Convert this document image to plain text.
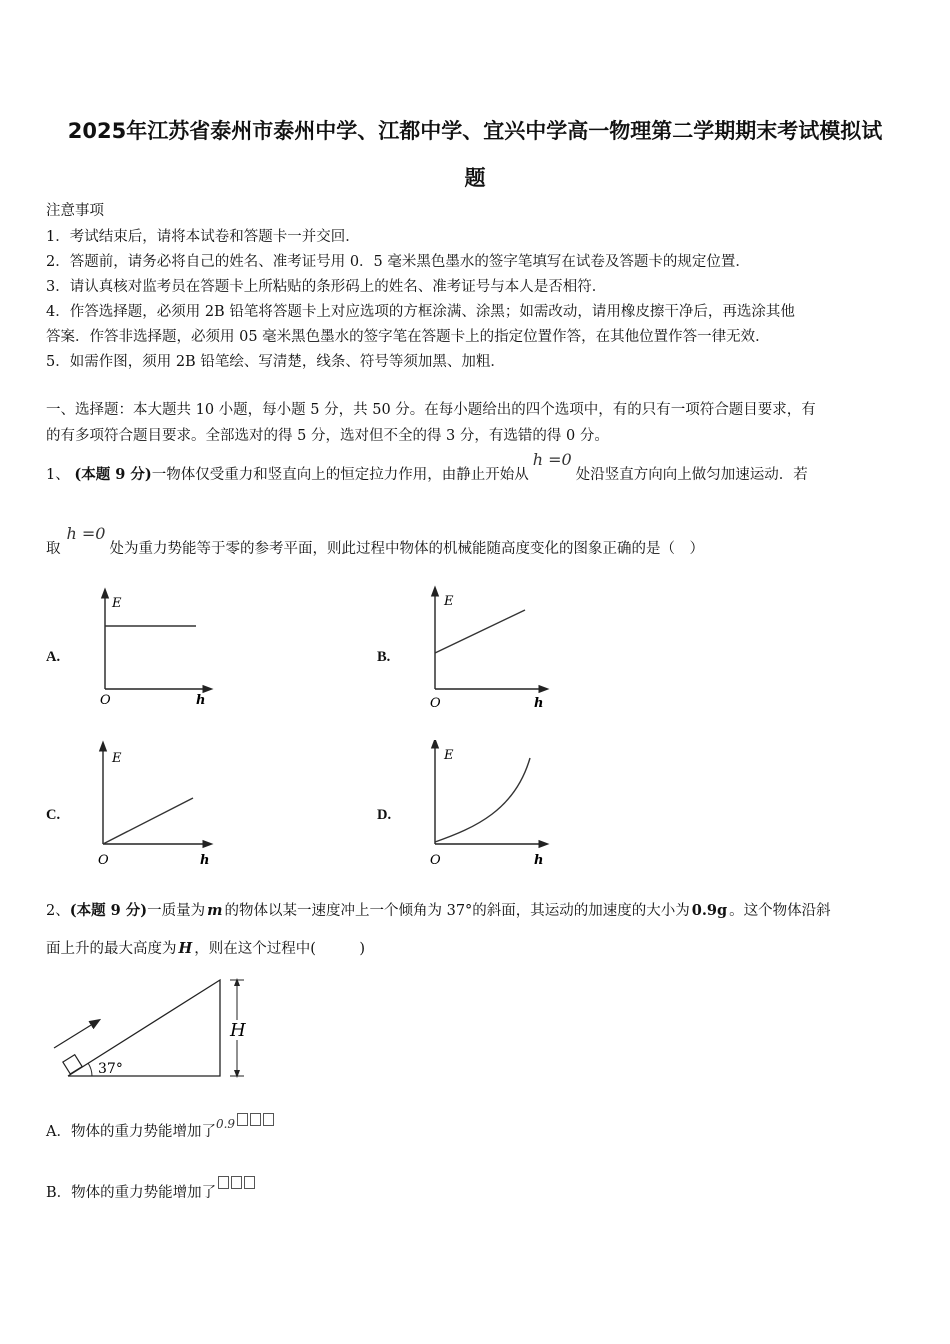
2025年江苏省泰州市泰州中学、江都中学、宜兴中学高一物理第二学期期末考试模拟试
题
注意事项
1．考试结束后，请将本试卷和答题卡一并交回．
2．答题前，请务必将自己的姓名、准考证号用 0．5 毫米黑色墨水的签字笔填写在试卷及答题卡的规定位置．
3．请认真核对监考员在答题卡上所粘贴的条形码上的姓名、准考证号与本人是否相符．
4．作答选择题，必须用 2B 铅笔将答题卡上对应选项的方框涂满、涂黑；如需改动，请用橡皮擦干净后，再选涂其他
答案．作答非选择题，必须用 05 毫米黑色墨水的签字笔在答题卡上的指定位置作答，在其他位置作答一律无效．
5．如需作图，须用 2B 铅笔绘、写清楚，线条、符号等须加黑、加粗．
一、选择题：本大题共 10 小题，每小题 5 分，共 50 分。在每小题给出的四个选项中，有的只有一项符合题目要求，有
的有多项符合题目要求。全部选对的得 5 分，选对但不全的得 3 分，有选错的得 0 分。
1、 (本题 9 分)一物体仅受重力和竖直向上的恒定拉力作用，由静止开始从h =0处沿竖直方向向上做匀加速运动．若
取h =0处为重力势能等于零的参考平面，则此过程中物体的机械能随高度变化的图象正确的是（　）
A.	B.
C.	D.
E
O	h
E
O	h
E
O	h
E
O	h
2、(本题 9 分)一质量为 m 的物体以某一速度冲上一个倾角为 37°的斜面，其运动的加速度的大小为 0.9g 。这个物体沿斜
面上升的最大高度为 H ，则在这个过程中(　　　)
37°
H
A．物体的重力势能增加了$^{0.9}$
B．物体的重力势能增加了
